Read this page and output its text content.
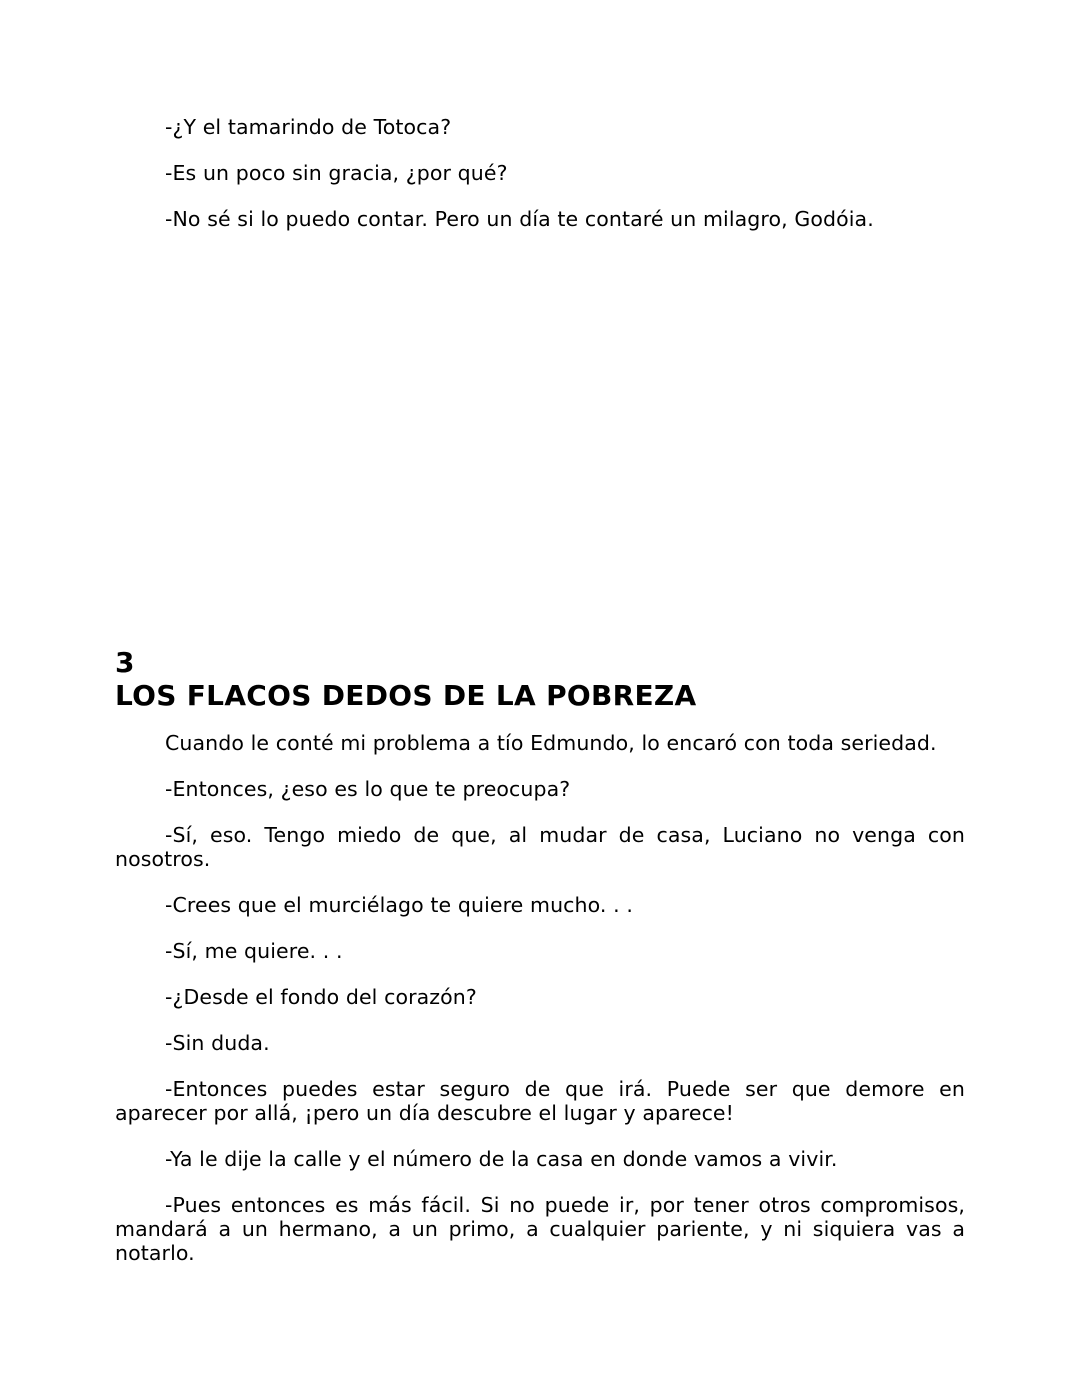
-¿Y el tamarindo de Totoca?

-Es un poco sin gracia, ¿por qué?

-No sé si lo puedo contar. Pero un día te contaré un milagro, Godóia.

3
LOS FLACOS DEDOS DE LA POBREZA

Cuando le conté mi problema a tío Edmundo, lo encaró con toda seriedad.

-Entonces, ¿eso es lo que te preocupa?

-Sí, eso. Tengo miedo de que, al mudar de casa, Luciano no venga con nosotros.

-Crees que el murciélago te quiere mucho. . .

-Sí, me quiere. . .

-¿Desde el fondo del corazón?

-Sin duda.

-Entonces puedes estar seguro de que irá. Puede ser que demore en aparecer por allá, ¡pero un día descubre el lugar y aparece!

-Ya le dije la calle y el número de la casa en donde vamos a vivir.

-Pues entonces es más fácil. Si no puede ir, por tener otros compromisos, mandará a un hermano, a un primo, a cualquier pariente, y ni siquiera vas a notarlo.
